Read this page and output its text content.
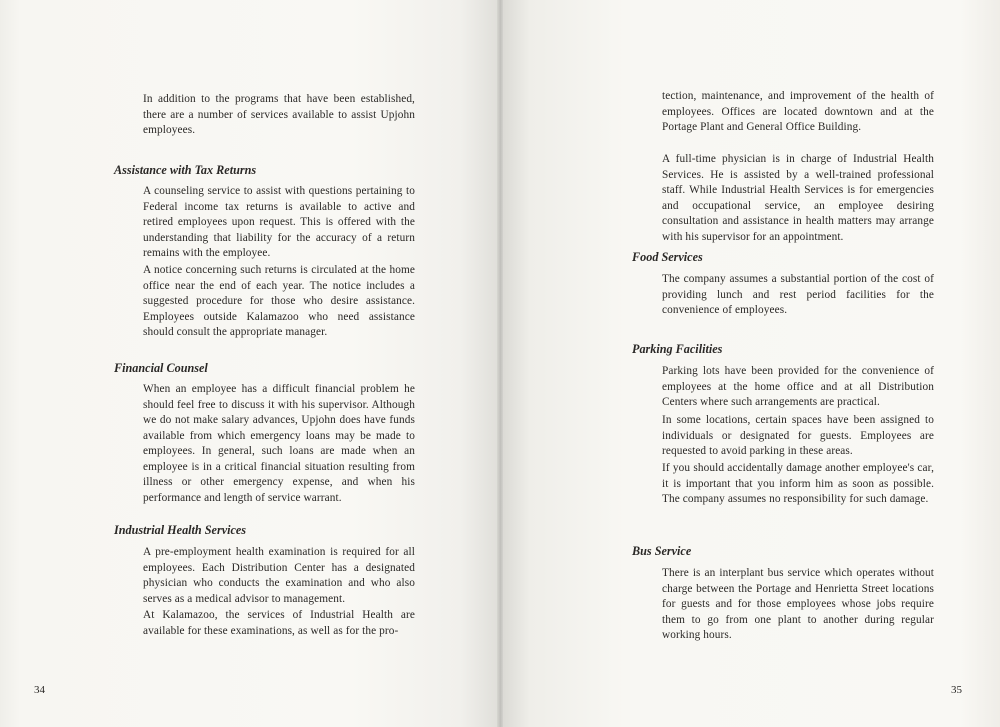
In addition to the programs that have been established, there are a number of services available to assist Upjohn employees.

Assistance with Tax Returns

A counseling service to assist with questions pertaining to Federal income tax returns is available to active and retired employees upon request. This is offered with the understanding that liability for the accuracy of a return remains with the employee.

A notice concerning such returns is circulated at the home office near the end of each year. The notice includes a suggested procedure for those who desire assistance. Employees outside Kalamazoo who need assistance should consult the appropriate manager.

Financial Counsel

When an employee has a difficult financial problem he should feel free to discuss it with his supervisor. Although we do not make salary advances, Upjohn does have funds available from which emergency loans may be made to employees. In general, such loans are made when an employee is in a critical financial situation resulting from illness or other emergency expense, and when his performance and length of service warrant.

Industrial Health Services

A pre-employment health examination is required for all employees. Each Distribution Center has a designated physician who conducts the examination and who also serves as a medical advisor to management.

At Kalamazoo, the services of Industrial Health are available for these examinations, as well as for the pro-

34

tection, maintenance, and improvement of the health of employees. Offices are located downtown and at the Portage Plant and General Office Building.

A full-time physician is in charge of Industrial Health Services. He is assisted by a well-trained professional staff. While Industrial Health Services is for emergencies and occupational service, an employee desiring consultation and assistance in health matters may arrange with his supervisor for an appointment.

Food Services

The company assumes a substantial portion of the cost of providing lunch and rest period facilities for the convenience of employees.

Parking Facilities

Parking lots have been provided for the convenience of employees at the home office and at all Distribution Centers where such arrangements are practical.

In some locations, certain spaces have been assigned to individuals or designated for guests. Employees are requested to avoid parking in these areas.

If you should accidentally damage another employee's car, it is important that you inform him as soon as possible. The company assumes no responsibility for such damage.

Bus Service

There is an interplant bus service which operates without charge between the Portage and Henrietta Street locations for guests and for those employees whose jobs require them to go from one plant to another during regular working hours.

35
